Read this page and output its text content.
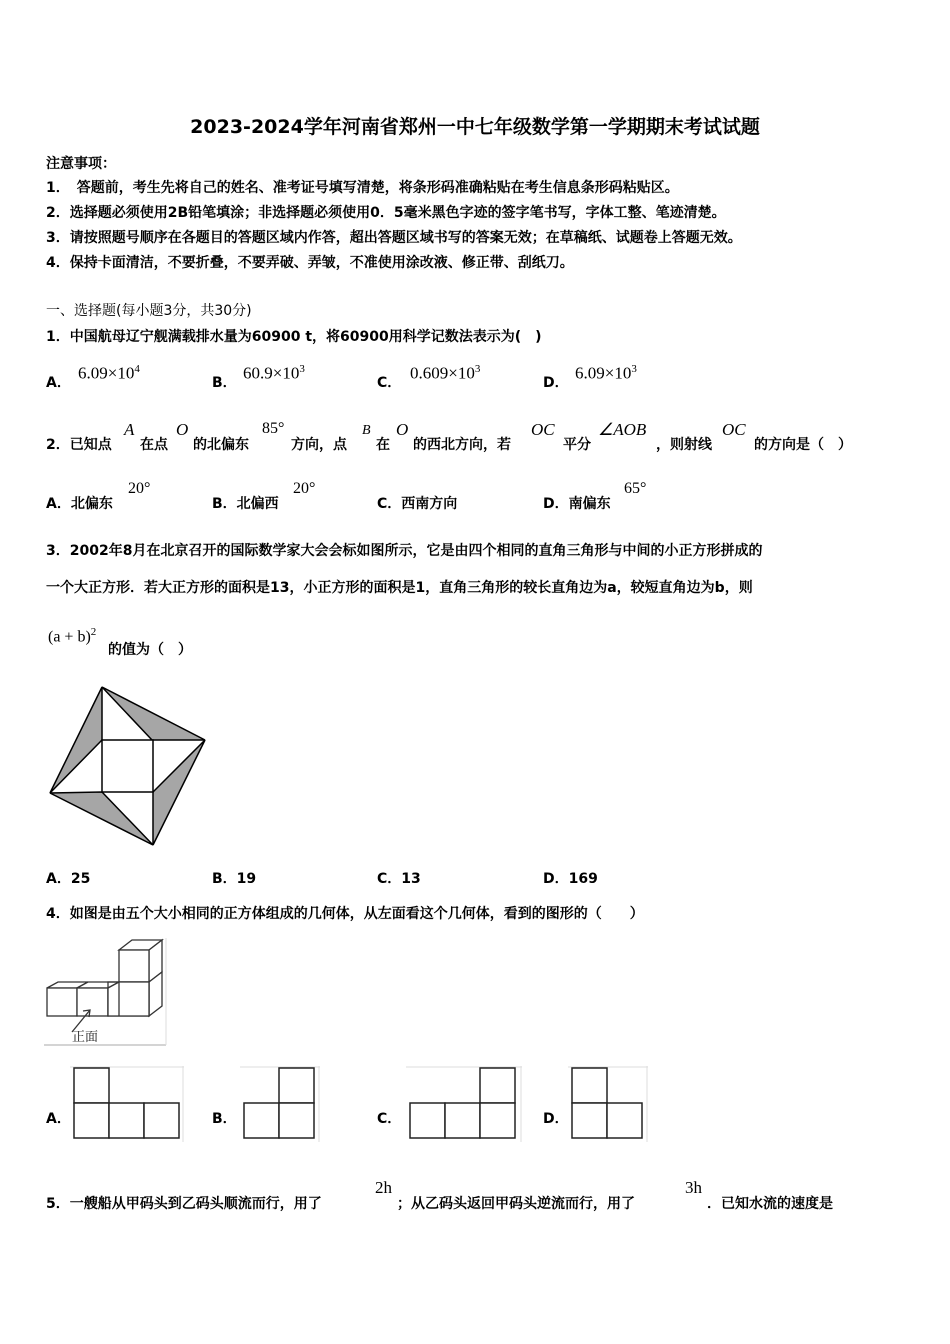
2023-2024学年河南省郑州一中七年级数学第一学期期末考试试题
注意事项：
1．　答题前，考生先将自己的姓名、准考证号填写清楚，将条形码准确粘贴在考生信息条形码粘贴区。
2．选择题必须使用2B铅笔填涂；非选择题必须使用0．5毫米黑色字迹的签字笔书写，字体工整、笔迹清楚。
3．请按照题号顺序在各题目的答题区域内作答，超出答题区域书写的答案无效；在草稿纸、试题卷上答题无效。
4．保持卡面清洁，不要折叠，不要弄破、弄皱，不准使用涂改液、修正带、刮纸刀。
一、选择题(每小题3分，共30分)
1．中国航母辽宁舰满载排水量为60900 t，将60900用科学记数法表示为(　)
A．
$6.09\times 10^4$
B．
$60.9\times 10^3$
C．
$0.609\times 10^3$
D．
$6.09\times 10^3$
2．已知点
A
在点
O
的北偏东
85°
方向，点
B
在
O
的西北方向，若
OC
平分
∠AOB
，则射线
OC
的方向是（　）
A．北偏东
20°
B．北偏西
20°
C．西南方向	D．南偏东
65°
3．2002年8月在北京召开的国际数学家大会会标如图所示，它是由四个相同的直角三角形与中间的小正方形拼成的
一个大正方形．若大正方形的面积是13，小正方形的面积是1，直角三角形的较长直角边为a，较短直角边为b，则
$(a + b)^2$
的值为（　）
A．25	B．19	C．13	D．169
4．如图是由五个大小相同的正方体组成的几何体，从左面看这个几何体，看到的图形的（　　）
正面
A．	B．	C．	D．
5．一艘船从甲码头到乙码头顺流而行，用了
2h
；从乙码头返回甲码头逆流而行，用了
3h
．已知水流的速度是
